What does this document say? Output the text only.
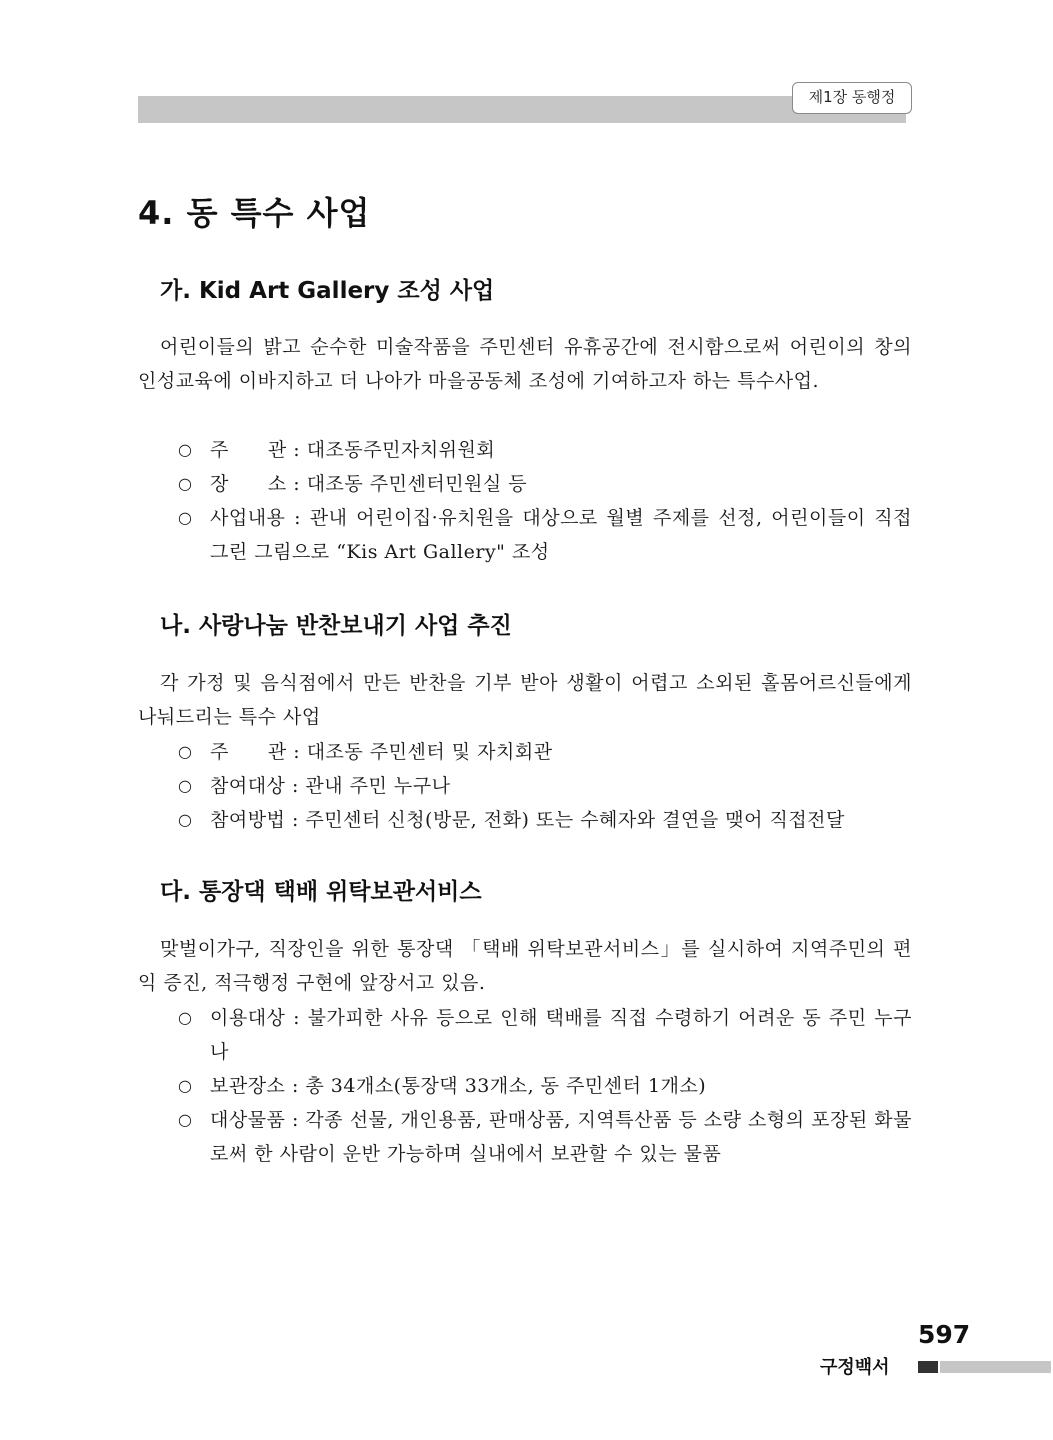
제1장 동행정
4. 동 특수 사업
가. Kid Art Gallery 조성 사업

어린이들의 밝고 순수한 미술작품을 주민센터 유휴공간에 전시함으로써 어린이의 창의 인성교육에 이바지하고 더 나아가 마을공동체 조성에 기여하고자 하는 특수사업.

○ 주　　관 : 대조동주민자치위원회
○ 장　　소 : 대조동 주민센터민원실 등
○ 사업내용 : 관내 어린이집·유치원을 대상으로 월별 주제를 선정, 어린이들이 직접 그린 그림으로 “Kis Art Gallery" 조성
나. 사랑나눔 반찬보내기 사업 추진

각 가정 및 음식점에서 만든 반찬을 기부 받아 생활이 어렵고 소외된 홀몸어르신들에게 나눠드리는 특수 사업

○ 주　　관 : 대조동 주민센터 및 자치회관
○ 참여대상 : 관내 주민 누구나
○ 참여방법 : 주민센터 신청(방문, 전화) 또는 수혜자와 결연을 맺어 직접전달
다. 통장댁 택배 위탁보관서비스

맞벌이가구, 직장인을 위한 통장댁 「택배 위탁보관서비스」를 실시하여 지역주민의 편익 증진, 적극행정 구현에 앞장서고 있음.

○ 이용대상 : 불가피한 사유 등으로 인해 택배를 직접 수령하기 어려운 동 주민 누구나
○ 보관장소 : 총 34개소(통장댁 33개소, 동 주민센터 1개소)
○ 대상물품 : 각종 선물, 개인용품, 판매상품, 지역특산품 등 소량 소형의 포장된 화물로써 한 사람이 운반 가능하며 실내에서 보관할 수 있는 물품
597
구정백서
